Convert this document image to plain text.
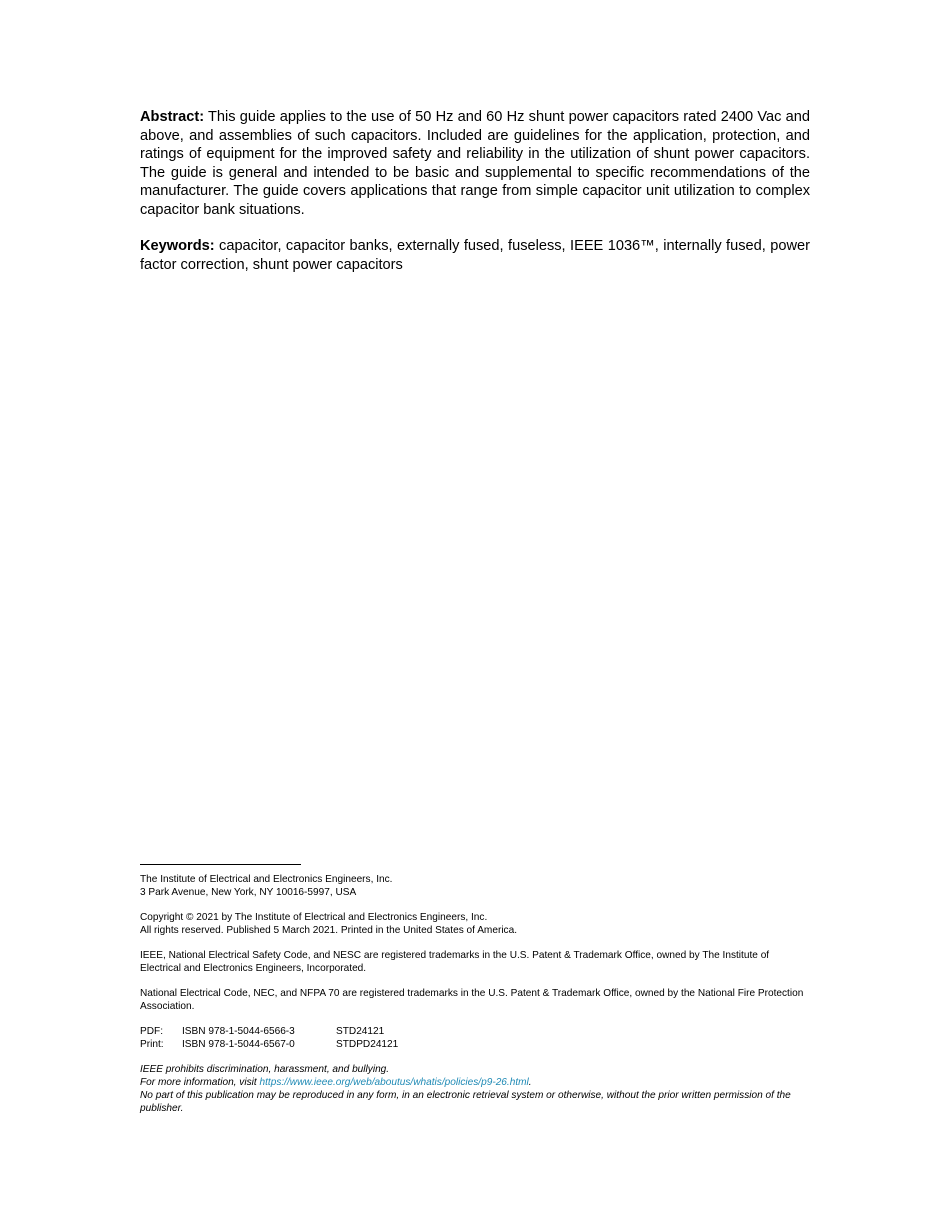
Abstract: This guide applies to the use of 50 Hz and 60 Hz shunt power capacitors rated 2400 Vac and above, and assemblies of such capacitors. Included are guidelines for the application, protection, and ratings of equipment for the improved safety and reliability in the utilization of shunt power capacitors. The guide is general and intended to be basic and supplemental to specific recommendations of the manufacturer. The guide covers applications that range from simple capacitor unit utilization to complex capacitor bank situations.

Keywords: capacitor, capacitor banks, externally fused, fuseless, IEEE 1036™, internally fused, power factor correction, shunt power capacitors

The Institute of Electrical and Electronics Engineers, Inc.

3 Park Avenue, New York, NY 10016-5997, USA

Copyright © 2021 by The Institute of Electrical and Electronics Engineers, Inc.

All rights reserved. Published 5 March 2021. Printed in the United States of America.

IEEE, National Electrical Safety Code, and NESC are registered trademarks in the U.S. Patent & Trademark Office, owned by The Institute of Electrical and Electronics Engineers, Incorporated.

National Electrical Code, NEC, and NFPA 70 are registered trademarks in the U.S. Patent & Trademark Office, owned by the National Fire Protection Association.

PDF:	ISBN 978-1-5044-6566-3	STD24121
Print:	ISBN 978-1-5044-6567-0	STDPD24121

IEEE prohibits discrimination, harassment, and bullying.

For more information, visit https://www.ieee.org/web/aboutus/whatis/policies/p9-26.html.

No part of this publication may be reproduced in any form, in an electronic retrieval system or otherwise, without the prior written permission of the publisher.
